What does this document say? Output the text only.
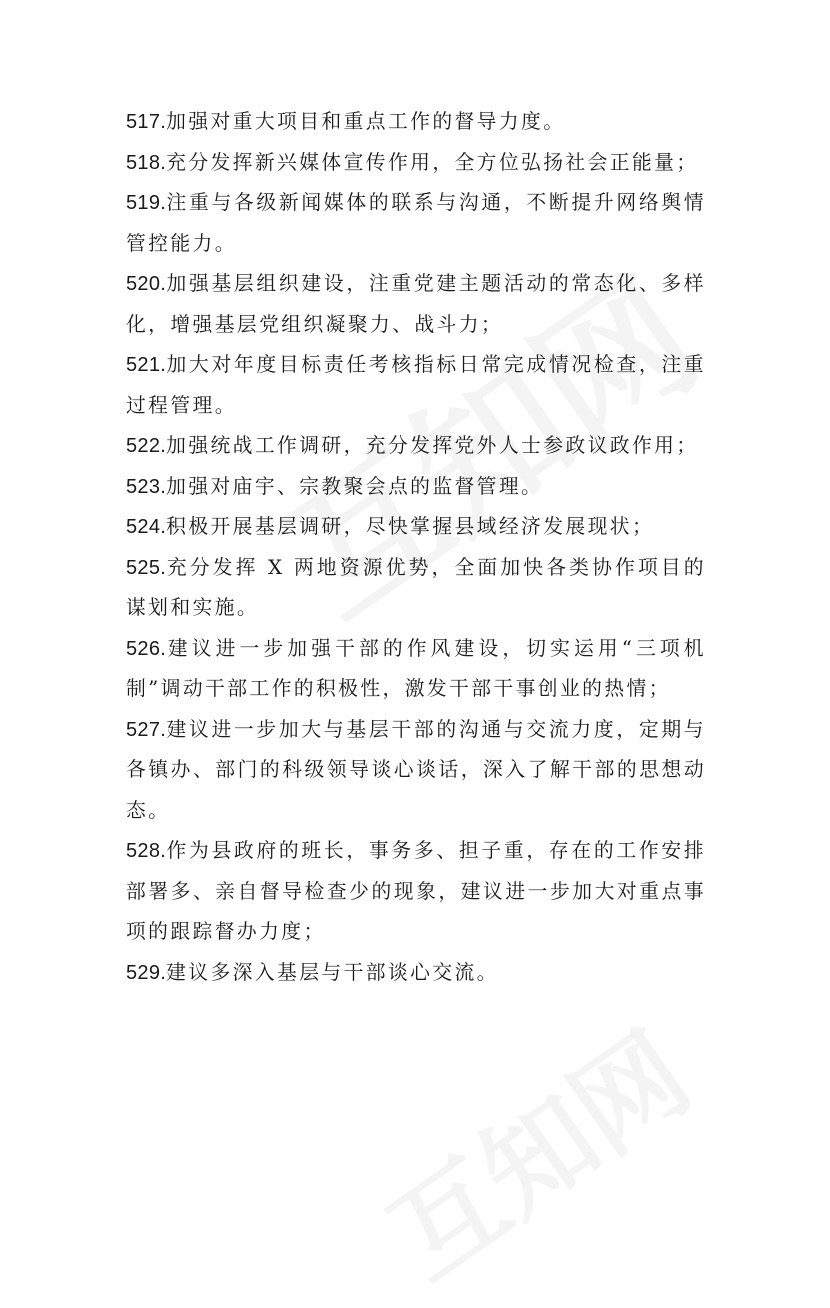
517.加强对重大项目和重点工作的督导力度。
518.充分发挥新兴媒体宣传作用，全方位弘扬社会正能量；
519.注重与各级新闻媒体的联系与沟通，不断提升网络舆情管控能力。
520.加强基层组织建设，注重党建主题活动的常态化、多样化，增强基层党组织凝聚力、战斗力；
521.加大对年度目标责任考核指标日常完成情况检查，注重过程管理。
522.加强统战工作调研，充分发挥党外人士参政议政作用；
523.加强对庙宇、宗教聚会点的监督管理。
524.积极开展基层调研，尽快掌握县域经济发展现状；
525.充分发挥 X 两地资源优势，全面加快各类协作项目的谋划和实施。
526.建议进一步加强干部的作风建设，切实运用“三项机制”调动干部工作的积极性，激发干部干事创业的热情；
527.建议进一步加大与基层干部的沟通与交流力度，定期与各镇办、部门的科级领导谈心谈话，深入了解干部的思想动态。
528.作为县政府的班长，事务多、担子重，存在的工作安排部署多、亲自督导检查少的现象，建议进一步加大对重点事项的跟踪督办力度；
529.建议多深入基层与干部谈心交流。
